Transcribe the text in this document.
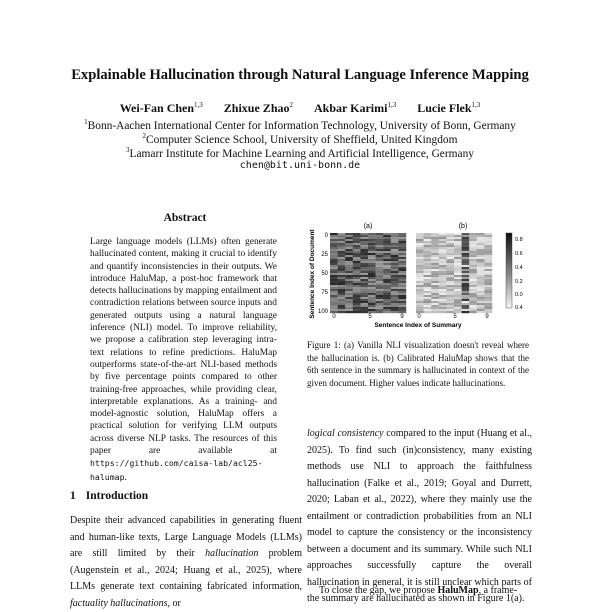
Explainable Hallucination through Natural Language Inference Mapping
Wei-Fan Chen$^{1,3}$ Zhixue Zhao$^2$ Akbar Karimi$^{1,3}$ Lucie Flek$^{1,3}$
$^1$Bonn-Aachen International Center for Information Technology, University of Bonn, Germany
$^2$Computer Science School, University of Sheffield, United Kingdom
$^3$Lamarr Institute for Machine Learning and Artificial Intelligence, Germany
chen@bit.uni-bonn.de
Abstract
Large language models (LLMs) often generate hallucinated content, making it crucial to identify and quantify inconsistencies in their outputs. We introduce HaluMap, a post-hoc framework that detects hallucinations by mapping entailment and contradiction relations between source inputs and generated outputs using a natural language inference (NLI) model. To improve reliability, we propose a calibration step leveraging intra-text relations to refine predictions. HaluMap outperforms state-of-the-art NLI-based methods by five percentage points compared to other training-free approaches, while providing clear, interpretable explanations. As a training- and model-agnostic solution, HaluMap offers a practical solution for verifying LLM outputs across diverse NLP tasks. The resources of this paper are available at https://github.com/caisa-lab/acl25-halumap.
1 Introduction
Despite their advanced capabilities in generating fluent and human-like texts, Large Language Models (LLMs) are still limited by their hallucination problem (Augenstein et al., 2024; Huang et al., 2025), where LLMs generate text containing fabricated information, factuality hallucinations, or
(a)	(b)
Sentence Index of Document
Sentence Index of Summary
0
25
50
75
100
0	5	9 0	5	9
0.8
0.6
0.4
0.2
0.0
0.4
Figure 1: (a) Vanilla NLI visualization doesn't reveal where the hallucination is. (b) Calibrated HaluMap shows that the 6th sentence in the summary is hallucinated in context of the given document. Higher values indicate hallucinations.
logical consistency compared to the input (Huang et al., 2025). To find such (in)consistency, many existing methods use NLI to approach the faithfulness hallucination (Falke et al., 2019; Goyal and Durrett, 2020; Laban et al., 2022), where they mainly use the entailment or contradiction probabilities from an NLI model to capture the consistency or the inconsistency between a document and its summary. While such NLI approaches successfully capture the overall hallucination in general, it is still unclear which parts of the summary are hallucinated as shown in Figure 1(a).
To close the gap, we propose HaluMap, a frame-
